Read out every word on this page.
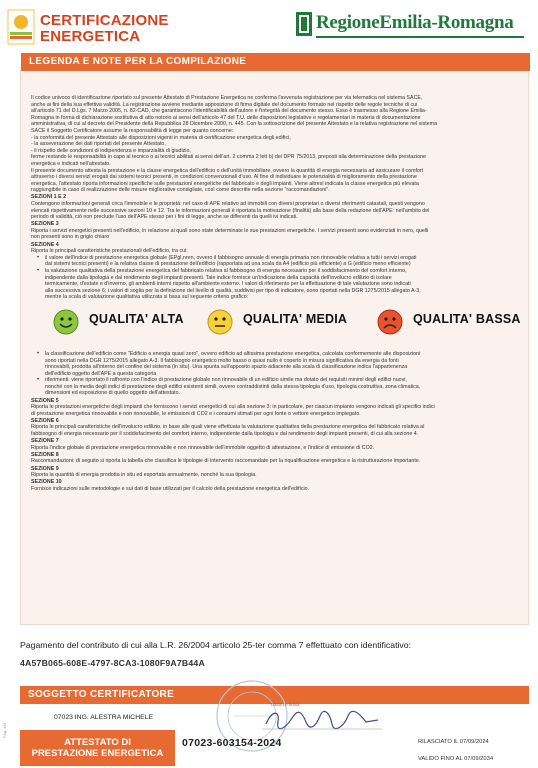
CERTIFICAZIONE
ENERGETICA
RegioneEmilia-Romagna
LEGENDA E NOTE PER LA COMPILAZIONE

Il codice univoco di identificazione riportato sul presente Attestato di Prestazione Energetica ne conferma l'avvenuta registrazione per via telematica nel sistema SACE,

anche ai fini della sua effettiva validità. La registrazione avviene mediante apposizione di firma digitale del documento formato nel rispetto delle regole tecniche di cui

all'articolo 71 del D.Lgs. 7 Marzo 2005, n. 82-CAD, che garantiscono l'identificabilità dell'autore e l'integrità del documento stesso. Esso è trasmesso alla Regione Emilia-

Romagna in forma di dichiarazione sostitutiva di atto notorio ai sensi dell'articolo 47 del T.U. delle disposizioni legislative e regolamentari in materia di documentazione

amministrativa, di cui al decreto del Presidente della Repubblica 28 Dicembre 2000, n. 445. Con la sottoscrizione del presente Attestato e la relativa registrazione nel sistema

SACE il Soggetto Certificatore assume la responsabilità di legge per quanto concerne:

- la conformità del presente Attestato alle disposizioni vigenti in materia di certificazione energetica degli edifici,

- la asseverazione dei dati riportati del presente Attestato,

- il rispetto delle condizioni di indipendenza e imparzialità di giudizio,

ferme restando le responsabilità in capo al tecnico o ai tecnici abilitati ai sensi dell'art. 2 comma 2 lett b) del DPR 75/2013, preposti alla determinazione della prestazione

energetica e indicati nell'attestato.

Il presente documento attesta la prestazione e la classe energetica dell'edificio o dell'unità immobiliare, ovvero la quantità di energia necessaria ad assicurare il comfort

attraverso i diversi servizi erogati dai sistemi tecnici presenti, in condizioni convenzionali d'uso. Al fine di individuare le potenzialità di miglioramento della prestazione

energetica, l'attestato riporta informazioni specifiche sulle prestazioni energetiche del fabbricato e degli impianti. Viene altresì indicata la classe energetica più elevata

raggiungibile in caso di realizzazione delle misure migliorative consigliate, così come descritte nella sezione "raccomandazioni".

SEZIONI 1 E 2

Contengono informazioni generali circa l'immobile e le proprietà: nel caso di APE relativo ad immobili con diversi proprietari o diversi riferimenti catastali, questi vengono

elencati rispettivamente nelle successive sezioni 10 e 12. Tra le informazioni generali è riportata la motivazione (finalità) alla base della redazione dell'APE: nell'ambito del

periodo di validità, ciò non preclude l'uso dell'APE stesso per i fini di legge, anche se differenti da quelli ivi indicati.

SEZIONE 3

Riporta i servizi energetici presenti nell'edificio, in relazione ai quali sono state determinate le sue prestazioni energetiche. I servizi presenti sono evidenziati in nero, quelli

non presenti sono in grigio chiaro

SEZIONE 4

Riporta le principali caratteristiche prestazionali dell'edificio, tra cui:

• il valore dell'indice di prestazione energetica globale (EPgl,nren, ovvero il fabbisogno annuale di energia primaria non rinnovabile relativa a tutti i servizi erogati

dai sistemi tecnici presenti) e la relativa classe di prestazione dell'edificio (rapportata ad una scala da A4 (edificio più efficiente) a G (edificio meno efficiente)

• la valutazione qualitativa della prestazione energetica del fabbricato relativa al fabbisogno di energia necessario per il soddisfacimento del comfort interno,

indipendente dalla tipologia e dal rendimento degli impianti presenti. Tale indice fornisce un'indicazione della capacità dell'involucro edilizio di isolare

termicamente, d'estate e d'inverno, gli ambienti interni rispetto all'ambiente esterno. I valori di riferimento per la effettuazione di tale valutazione sono indicati

alla successiva sezione 6; i valori di soglia per la definizione del livello di qualità, suddivisi per tipo di indicatore, sono riportati nella DGR 1275/2015 allegato A-3,

mentre la scala di valutazione qualitativa utilizzata si basa sul seguente criterio grafico:

QUALITA' ALTA	QUALITA' MEDIA	QUALITA' BASSA

• la classificazione dell'edificio come "Edificio a energia quasi zero", ovvero edificio ad altissima prestazione energetica, calcolata conformemente alle disposizioni

sono riportati nella DGR 1275/2015 allegato A-3. Il fabbisogno energetico molto basso o quasi nullo è coperto in misura significativa da energia da fonti

rinnovabili, prodotta all'interno del confine del sistema (in situ). Una spunta sull'apposito spazio adiacente alla scala di classificazione indica l'appartenenza

dell'edificio oggetto dell'APE a questa categoria

• riferimenti: viene riportato il raffronto con l'indice di prestazione globale non rinnovabile di un edificio simile ma dotato dei requisiti minimi degli edifici nuovi,

nonché con la media degli indici di prestazione degli edifici esistenti simili, ovvero contraddistinti dalla stessa tipologia d'uso, tipologia costruttiva, zona climatica,

dimensioni ed esposizione di quello oggetto dell'attestato.

SEZIONE 5

Riporta le prestazioni energetiche degli impianti che forniscono i servizi energetici di cui alla sezione 3: in particolare, per ciascun impianto vengono indicati gli specifici indici

di prestazione energetica rinnovabile e non rinnovabile, le emissioni di CO2 e i consumi stimati per ogni fonte o vettore energetico impiegato.

SEZIONE 6

Riporta le principali caratteristiche dell'involucro edilizio, in base alle quali viene effettuata la valutazione qualitativa della prestazione energetica del fabbricato relativa al

fabbisogno di energia necessario per il soddisfacimento del comfort interno, indipendente dalla tipologia e dal rendimento degli impianti presenti, di cui alla sezione 4.

SEZIONE 7

Riporta l'indice globale di prestazione energetica rinnovabile e non rinnovabile dell'immobile oggetto di attestazione, e l'indice di emissione di CO2.

SEZIONE 8

Raccomandazioni: di seguito si riporta la tabella che classifica le tipologie di intervento raccomandate per la riqualificazione energetica e la ristrutturazione importante.

SEZIONE 9

Riporta la quantità di energia prodotta in situ ed esportata annualmente, nonché la sua tipologia.

SEZIONE 10

Fornisce indicazioni sulle metodologie e sui dati di base utilizzati per il calcolo della prestazione energetica dell'edificio.

Pagamento del contributo di cui alla L.R. 26/2004 articolo 25-ter comma 7 effettuato con identificativo:
4A57B065-608E-4797-8CA3-1080F9A7B44A
SOGGETTO CERTIFICATORE
07023 ING. ALESTRA MICHELE
Timbro e firma
Pag. 4/4
ATTESTATO DI
PRESTAZIONE ENERGETICA
07023-603154-2024	RILASCIATO IL 07/09/2024
VALIDO FINO AL 07/09/2034
